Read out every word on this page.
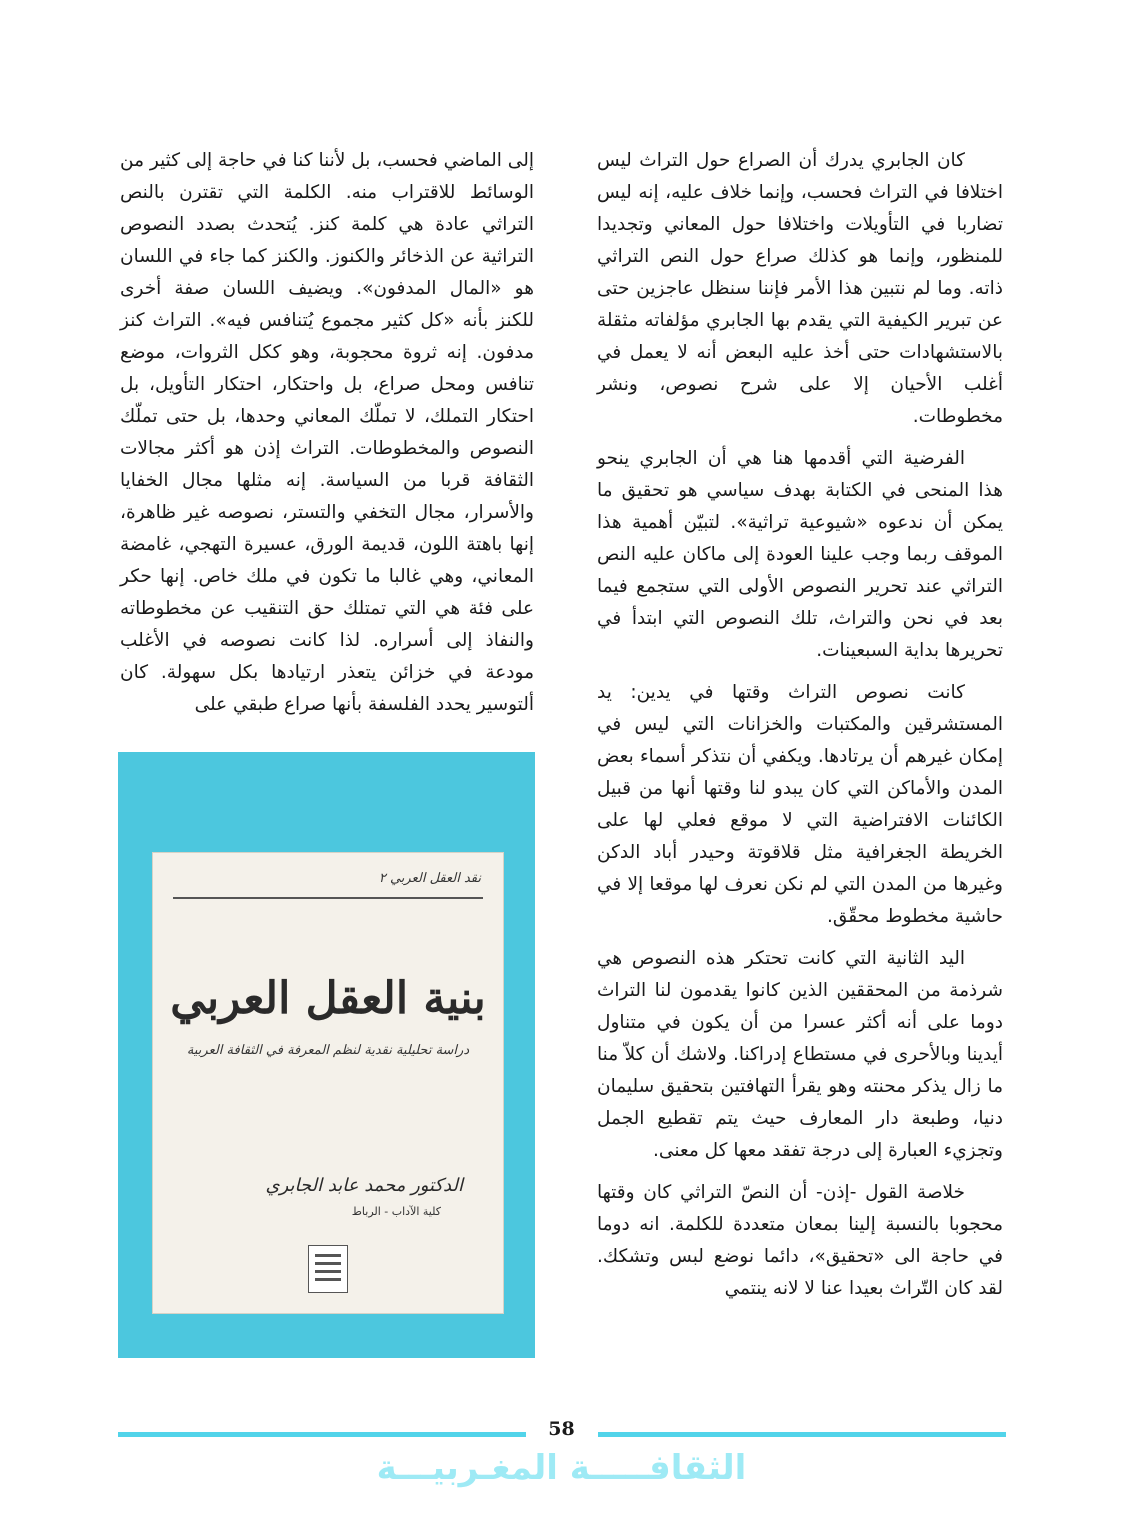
كان الجابري يدرك أن الصراع حول التراث ليس اختلافا في التراث فحسب، وإنما خلاف عليه، إنه ليس تضاربا في التأويلات واختلافا حول المعاني وتجديدا للمنظور، وإنما هو كذلك صراع حول النص التراثي ذاته. وما لم نتبين هذا الأمر فإننا سنظل عاجزين حتى عن تبرير الكيفية التي يقدم بها الجابري مؤلفاته مثقلة بالاستشهادات حتى أخذ عليه البعض أنه لا يعمل في أغلب الأحيان إلا على شرح نصوص، ونشر مخطوطات.

الفرضية التي أقدمها هنا هي أن الجابري ينحو هذا المنحى في الكتابة بهدف سياسي هو تحقيق ما يمكن أن ندعوه «شيوعية تراثية». لتبيّن أهمية هذا الموقف ربما وجب علينا العودة إلى ماكان عليه النص التراثي عند تحرير النصوص الأولى التي ستجمع فيما بعد في نحن والتراث، تلك النصوص التي ابتدأ في تحريرها بداية السبعينات.

كانت نصوص التراث وقتها في يدين: يد المستشرقين والمكتبات والخزانات التي ليس في إمكان غيرهم أن يرتادها. ويكفي أن نتذكر أسماء بعض المدن والأماكن التي كان يبدو لنا وقتها أنها من قبيل الكائنات الافتراضية التي لا موقع فعلي لها على الخريطة الجغرافية مثل قلاقوتة وحيدر أباد الدكن وغيرها من المدن التي لم نكن نعرف لها موقعا إلا في حاشية مخطوط محقّق.

اليد الثانية التي كانت تحتكر هذه النصوص هي شرذمة من المحققين الذين كانوا يقدمون لنا التراث دوما على أنه أكثر عسرا من أن يكون في متناول أيدينا وبالأحرى في مستطاع إدراكنا. ولاشك أن كلاّ منا ما زال يذكر محنته وهو يقرأ التهافتين بتحقيق سليمان دنيا، وطبعة دار المعارف حيث يتم تقطيع الجمل وتجزيء العبارة إلى درجة تفقد معها كل معنى.

خلاصة القول -إذن- أن النصّ التراثي كان وقتها محجوبا بالنسبة إلينا بمعان متعددة للكلمة. انه دوما في حاجة الى «تحقيق»، دائما نوضع لبس وتشكك. لقد كان التّراث بعيدا عنا لا لانه ينتمي

إلى الماضي فحسب، بل لأننا كنا في حاجة إلى كثير من الوسائط للاقتراب منه. الكلمة التي تقترن بالنص التراثي عادة هي كلمة كنز. يُتحدث بصدد النصوص التراثية عن الذخائر والكنوز. والكنز كما جاء في اللسان هو «المال المدفون». ويضيف اللسان صفة أخرى للكنز بأنه «كل كثير مجموع يُتنافس فيه». التراث كنز مدفون. إنه ثروة محجوبة، وهو ككل الثروات، موضع تنافس ومحل صراع، بل واحتكار، احتكار التأويل، بل احتكار التملك، لا تملّك المعاني وحدها، بل حتى تملّك النصوص والمخطوطات. التراث إذن هو أكثر مجالات الثقافة قربا من السياسة. إنه مثلها مجال الخفايا والأسرار، مجال التخفي والتستر، نصوصه غير ظاهرة، إنها باهتة اللون، قديمة الورق، عسيرة التهجي، غامضة المعاني، وهي غالبا ما تكون في ملك خاص. إنها حكر على فئة هي التي تمتلك حق التنقيب عن مخطوطاته والنفاذ إلى أسراره. لذا كانت نصوصه في الأغلب مودعة في خزائن يتعذر ارتيادها بكل سهولة. كان ألتوسير يحدد الفلسفة بأنها صراع طبقي على

نقد العقل العربي ٢
بنية العقل العربي
دراسة تحليلية نقدية لنظم المعرفة في الثقافة العربية
الدكتور محمد عابد الجابري
كلية الآداب - الرباط
58
الثقافـــــة المغـربيـــة
